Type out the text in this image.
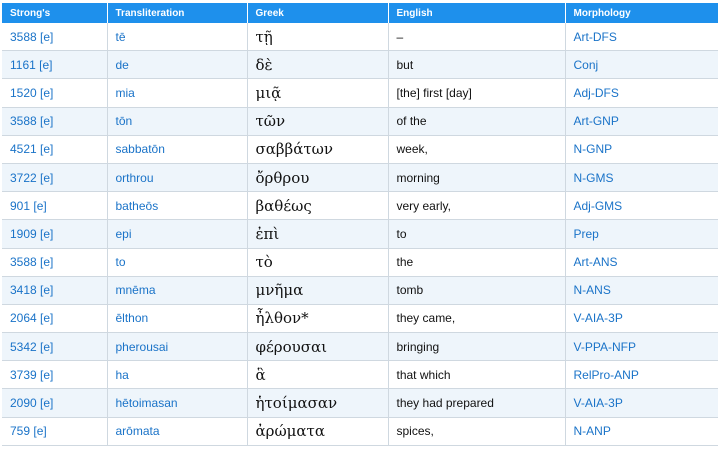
Strong's	Transliteration	Greek	English	Morphology
3588 [e]	tē	τῇ	–	Art-DFS
1161 [e]	de	δὲ	but	Conj
1520 [e]	mia	μιᾷ	[the] first [day]	Adj-DFS
3588 [e]	tōn	τῶν	of the	Art-GNP
4521 [e]	sabbatōn	σαββάτων	week,	N-GNP
3722 [e]	orthrou	ὄρθρου	morning	N-GMS
901 [e]	batheōs	βαθέως	very early,	Adj-GMS
1909 [e]	epi	ἐπὶ	to	Prep
3588 [e]	to	τὸ	the	Art-ANS
3418 [e]	mnēma	μνῆμα	tomb	N-ANS
2064 [e]	ēlthon	ἦλθον*	they came,	V-AIA-3P
5342 [e]	pherousai	φέρουσαι	bringing	V-PPA-NFP
3739 [e]	ha	ἃ	that which	RelPro-ANP
2090 [e]	hētoimasan	ἡτοίμασαν	they had prepared	V-AIA-3P
759 [e]	arōmata	ἀρώματα	spices,	N-ANP
